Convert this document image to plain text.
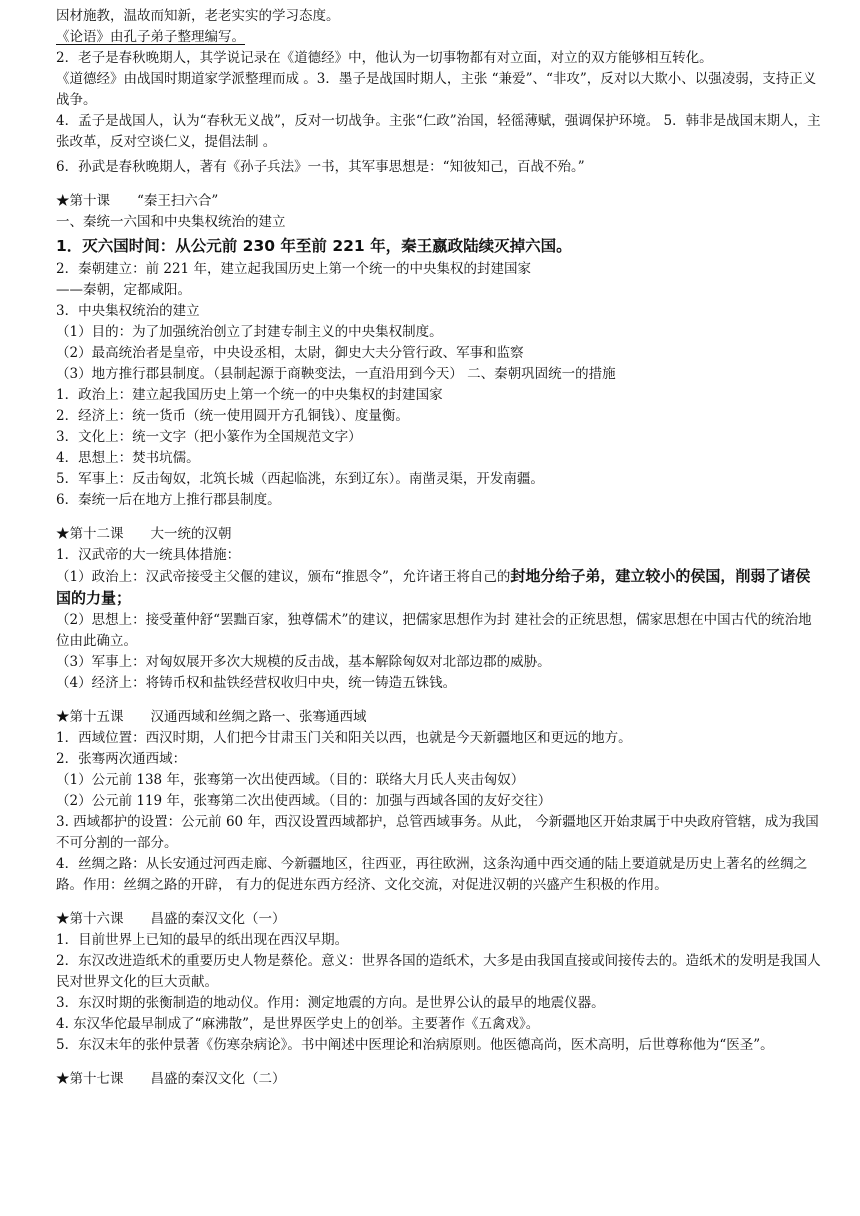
因材施教，温故而知新，老老实实的学习态度。

《论语》由孔子弟子整理编写。

2．老子是春秋晚期人，其学说记录在《道德经》中，他认为一切事物都有对立面，对立的双方能够相互转化。

《道德经》由战国时期道家学派整理而成 。3．墨子是战国时期人，主张 “兼爱”、“非攻”，反对以大欺小、以强凌弱，支持正义战争。

4．孟子是战国人，认为“春秋无义战”，反对一切战争。主张“仁政”治国，轻徭薄赋，强调保护环境。 5．韩非是战国末期人，主张改革，反对空谈仁义，提倡法制 。

6．孙武是春秋晚期人，著有《孙子兵法》一书，其军事思想是：“知彼知己，百战不殆。”

★第十课　　“秦王扫六合”

一、秦统一六国和中央集权统治的建立

1．灭六国时间：从公元前 230 年至前 221 年，秦王嬴政陆续灭掉六国。

2．秦朝建立：前 221 年，建立起我国历史上第一个统一的中央集权的封建国家

——秦朝，定都咸阳。

3．中央集权统治的建立

（1）目的：为了加强统治创立了封建专制主义的中央集权制度。

（2）最高统治者是皇帝，中央设丞相，太尉，御史大夫分管行政、军事和监察

（3）地方推行郡县制度。（县制起源于商鞅变法，一直沿用到今天） 二、秦朝巩固统一的措施

1．政治上：建立起我国历史上第一个统一的中央集权的封建国家

2．经济上：统一货币（统一使用圆开方孔铜钱）、度量衡。

3．文化上：统一文字（把小篆作为全国规范文字）

4．思想上：焚书坑儒。

5．军事上：反击匈奴，北筑长城（西起临洮，东到辽东）。南凿灵渠，开发南疆。

6．秦统一后在地方上推行郡县制度。

★第十二课　　大一统的汉朝

1．汉武帝的大一统具体措施：

（1）政治上：汉武帝接受主父偃的建议，颁布“推恩令”，允许诸王将自己的封地分给子弟，建立较小的侯国，削弱了诸侯国的力量；

（2）思想上：接受董仲舒“罢黜百家，独尊儒术”的建议，把儒家思想作为封 建社会的正统思想，儒家思想在中国古代的统治地位由此确立。

（3）军事上：对匈奴展开多次大规模的反击战，基本解除匈奴对北部边郡的威胁。

（4）经济上：将铸币权和盐铁经营权收归中央，统一铸造五铢钱。

★第十五课　　汉通西域和丝绸之路一、张骞通西域

1．西域位置：西汉时期，人们把今甘肃玉门关和阳关以西，也就是今天新疆地区和更远的地方。

2．张骞两次通西域：

（1）公元前 138 年，张骞第一次出使西域。（目的：联络大月氏人夹击匈奴）

（2）公元前 119 年，张骞第二次出使西域。（目的：加强与西域各国的友好交往）

3. 西域都护的设置：公元前 60 年，西汉设置西域都护，总管西域事务。从此， 今新疆地区开始隶属于中央政府管辖，成为我国不可分割的一部分。

4．丝绸之路：从长安通过河西走廊、今新疆地区，往西亚，再往欧洲，这条沟通中西交通的陆上要道就是历史上著名的丝绸之路。作用：丝绸之路的开辟， 有力的促进东西方经济、文化交流，对促进汉朝的兴盛产生积极的作用。

★第十六课　　昌盛的秦汉文化（一）

1．目前世界上已知的最早的纸出现在西汉早期。

2．东汉改进造纸术的重要历史人物是蔡伦。意义：世界各国的造纸术，大多是由我国直接或间接传去的。造纸术的发明是我国人民对世界文化的巨大贡献。

3．东汉时期的张衡制造的地动仪。作用：测定地震的方向。是世界公认的最早的地震仪器。

4. 东汉华佗最早制成了“麻沸散”，是世界医学史上的创举。主要著作《五禽戏》。

5．东汉末年的张仲景著《伤寒杂病论》。书中阐述中医理论和治病原则。他医德高尚，医术高明，后世尊称他为“医圣”。

★第十七课　　昌盛的秦汉文化（二）
